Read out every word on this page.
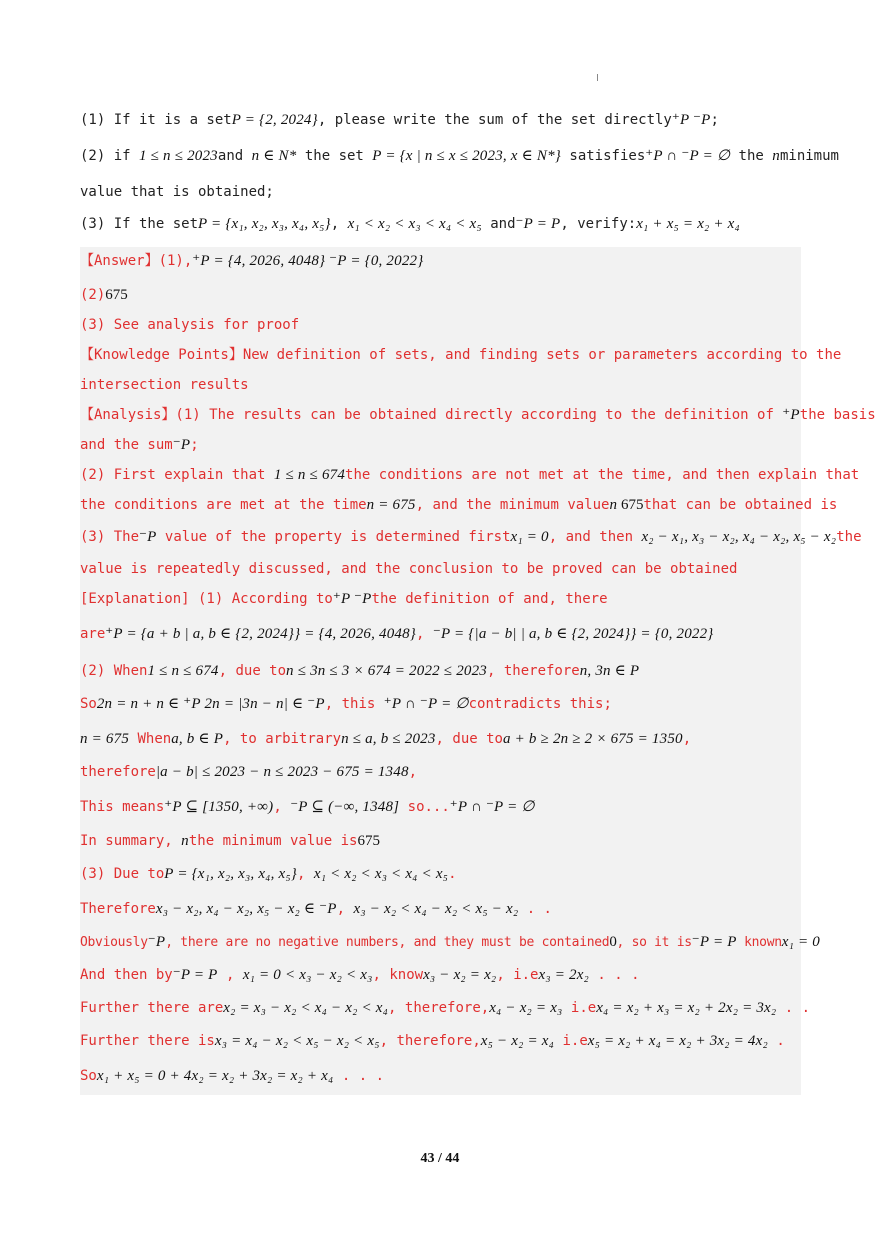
(1) If it is a setP = {2, 2024}, please write the sum of the set directly⁺P ⁻P;
(2) if 1 ≤ n ≤ 2023and n ∈ N* the set P = {x | n ≤ x ≤ 2023, x ∈ N*} satisfies⁺P ∩ ⁻P = ∅ the nminimum
value that is obtained;
(3) If the setP = {x₁, x₂, x₃, x₄, x₅}, x₁ < x₂ < x₃ < x₄ < x₅ and⁻P = P, verify:x₁ + x₅ = x₂ + x₄
【Answer】(1),⁺P = {4, 2026, 4048} ⁻P = {0, 2022}
(2)675
(3) See analysis for proof
【Knowledge Points】New definition of sets, and finding sets or parameters according to the
intersection results
【Analysis】(1) The results can be obtained directly according to the definition of ⁺Pthe basis
and the sum⁻P;
(2) First explain that 1 ≤ n ≤ 674the conditions are not met at the time, and then explain that
the conditions are met at the timen = 675, and the minimum valuen 675that can be obtained is
(3) The⁻P value of the property is determined firstx₁ = 0, and then x₂ − x₁, x₃ − x₂, x₄ − x₂, x₅ − x₂the
value is repeatedly discussed, and the conclusion to be proved can be obtained
[Explanation] (1) According to⁺P ⁻Pthe definition of and, there
are⁺P = {a + b | a, b ∈ {2, 2024}} = {4, 2026, 4048}, ⁻P = {|a − b| | a, b ∈ {2, 2024}} = {0, 2022}
(2) When1 ≤ n ≤ 674, due ton ≤ 3n ≤ 3 × 674 = 2022 ≤ 2023, thereforen, 3n ∈ P
So2n = n + n ∈ ⁺P 2n = |3n − n| ∈ ⁻P, this ⁺P ∩ ⁻P = ∅contradicts this;
n = 675 Whena, b ∈ P, to arbitraryn ≤ a, b ≤ 2023, due toa + b ≥ 2n ≥ 2 × 675 = 1350,
therefore|a − b| ≤ 2023 − n ≤ 2023 − 675 = 1348,
This means⁺P ⊆ [1350, +∞), ⁻P ⊆ (−∞, 1348] so...⁺P ∩ ⁻P = ∅
In summary, nthe minimum value is675
(3) Due toP = {x₁, x₂, x₃, x₄, x₅}, x₁ < x₂ < x₃ < x₄ < x₅.
Thereforex₃ − x₂, x₄ − x₂, x₅ − x₂ ∈ ⁻P, x₃ − x₂ < x₄ − x₂ < x₅ − x₂ . .
Obviously⁻P, there are no negative numbers, and they must be contained0, so it is⁻P = P knownx₁ = 0
And then by⁻P = P , x₁ = 0 < x₃ − x₂ < x₃, knowx₃ − x₂ = x₂, i.ex₃ = 2x₂ . . .
Further there arex₂ = x₃ − x₂ < x₄ − x₂ < x₄, therefore,x₄ − x₂ = x₃ i.ex₄ = x₂ + x₃ = x₂ + 2x₂ = 3x₂ . .
Further there isx₃ = x₄ − x₂ < x₅ − x₂ < x₅, therefore,x₅ − x₂ = x₄ i.ex₅ = x₂ + x₄ = x₂ + 3x₂ = 4x₂ .
Sox₁ + x₅ = 0 + 4x₂ = x₂ + 3x₂ = x₂ + x₄ . . .
43 / 44
